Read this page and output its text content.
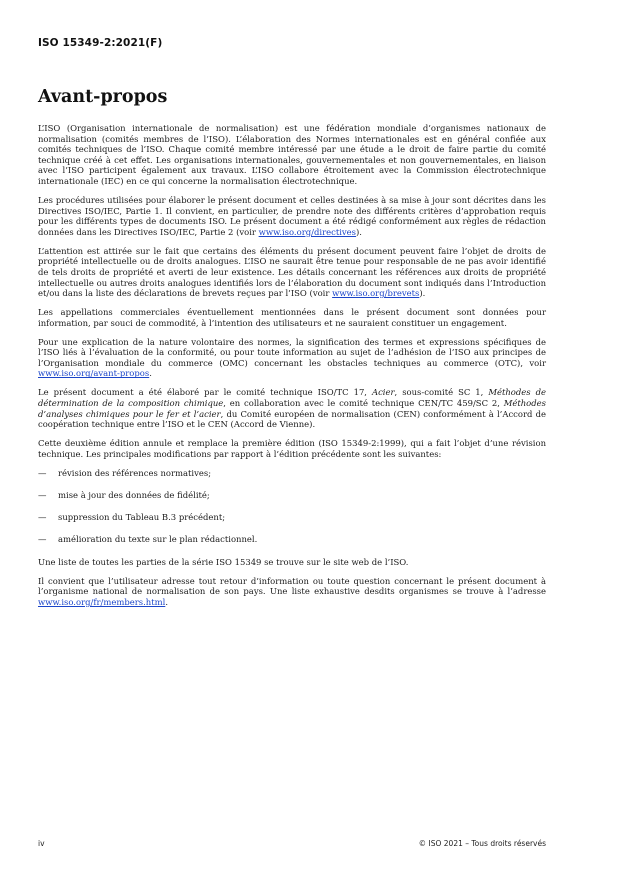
ISO 15349-2:2021(F)
Avant-propos

L’ISO (Organisation internationale de normalisation) est une fédération mondiale d’organismes nationaux de normalisation (comités membres de l’ISO). L’élaboration des Normes internationales est en général confiée aux comités techniques de l’ISO. Chaque comité membre intéressé par une étude a le droit de faire partie du comité technique créé à cet effet. Les organisations internationales, gouvernementales et non gouvernementales, en liaison avec l’ISO participent également aux travaux. L’ISO collabore étroitement avec la Commission électrotechnique internationale (IEC) en ce qui concerne la normalisation électrotechnique.

Les procédures utilisées pour élaborer le présent document et celles destinées à sa mise à jour sont décrites dans les Directives ISO/IEC, Partie 1. Il convient, en particulier, de prendre note des différents critères d’approbation requis pour les différents types de documents ISO. Le présent document a été rédigé conformément aux règles de rédaction données dans les Directives ISO/IEC, Partie 2 (voir www.iso.org/directives).

L’attention est attirée sur le fait que certains des éléments du présent document peuvent faire l’objet de droits de propriété intellectuelle ou de droits analogues. L’ISO ne saurait être tenue pour responsable de ne pas avoir identifié de tels droits de propriété et averti de leur existence. Les détails concernant les références aux droits de propriété intellectuelle ou autres droits analogues identifiés lors de l’élaboration du document sont indiqués dans l’Introduction et/ou dans la liste des déclarations de brevets reçues par l’ISO (voir www.iso.org/brevets).

Les appellations commerciales éventuellement mentionnées dans le présent document sont données pour information, par souci de commodité, à l’intention des utilisateurs et ne sauraient constituer un engagement.

Pour une explication de la nature volontaire des normes, la signification des termes et expressions spécifiques de l’ISO liés à l’évaluation de la conformité, ou pour toute information au sujet de l’adhésion de l’ISO aux principes de l’Organisation mondiale du commerce (OMC) concernant les obstacles techniques au commerce (OTC), voir www.iso.org/avant-propos.

Le présent document a été élaboré par le comité technique ISO/TC 17, Acier, sous-comité SC 1, Méthodes de détermination de la composition chimique, en collaboration avec le comité technique CEN/TC 459/SC 2, Méthodes d’analyses chimiques pour le fer et l’acier, du Comité européen de normalisation (CEN) conformément à l’Accord de coopération technique entre l’ISO et le CEN (Accord de Vienne).

Cette deuxième édition annule et remplace la première édition (ISO 15349-2:1999), qui a fait l’objet d’une révision technique. Les principales modifications par rapport à l’édition précédente sont les suivantes:

—	révision des références normatives;
—	mise à jour des données de fidélité;
—	suppression du Tableau B.3 précédent;
—	amélioration du texte sur le plan rédactionnel.

Une liste de toutes les parties de la série ISO 15349 se trouve sur le site web de l’ISO.

Il convient que l’utilisateur adresse tout retour d’information ou toute question concernant le présent document à l’organisme national de normalisation de son pays. Une liste exhaustive desdits organismes se trouve à l’adresse www.iso.org/fr/members.html.

iv	© ISO 2021 – Tous droits réservés
